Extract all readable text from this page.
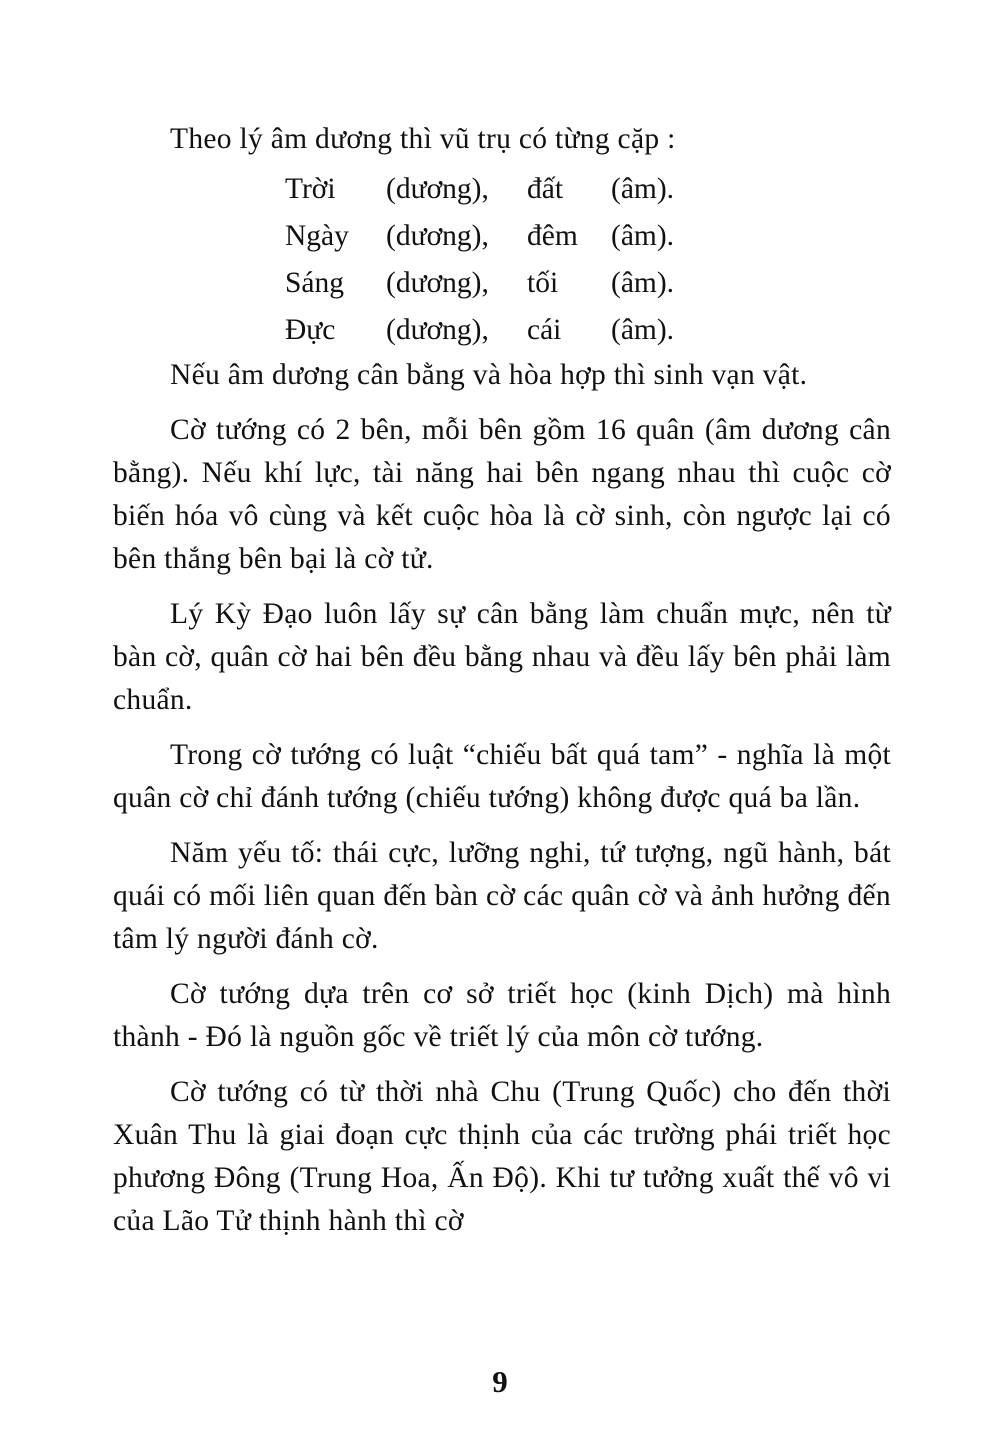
Theo lý âm dương thì vũ trụ có từng cặp :

Trời	(dương),	đất	(âm).
Ngày	(dương),	đêm	(âm).
Sáng	(dương),	tối	(âm).
Đực	(dương),	cái	(âm).

Nếu âm dương cân bằng và hòa hợp thì sinh vạn vật.

Cờ tướng có 2 bên, mỗi bên gồm 16 quân (âm dương cân bằng). Nếu khí lực, tài năng hai bên ngang nhau thì cuộc cờ biến hóa vô cùng và kết cuộc hòa là cờ sinh, còn ngược lại có bên thắng bên bại là cờ tử.

Lý Kỳ Đạo luôn lấy sự cân bằng làm chuẩn mực, nên từ bàn cờ, quân cờ hai bên đều bằng nhau và đều lấy bên phải làm chuẩn.

Trong cờ tướng có luật “chiếu bất quá tam” - nghĩa là một quân cờ chỉ đánh tướng (chiếu tướng) không được quá ba lần.

Năm yếu tố: thái cực, lưỡng nghi, tứ tượng, ngũ hành, bát quái có mối liên quan đến bàn cờ các quân cờ và ảnh hưởng đến tâm lý người đánh cờ.

Cờ tướng dựa trên cơ sở triết học (kinh Dịch) mà hình thành - Đó là nguồn gốc về triết lý của môn cờ tướng.

Cờ tướng có từ thời nhà Chu (Trung Quốc) cho đến thời Xuân Thu là giai đoạn cực thịnh của các trường phái triết học phương Đông (Trung Hoa, Ấn Độ). Khi tư tưởng xuất thế vô vi của Lão Tử thịnh hành thì cờ

9
